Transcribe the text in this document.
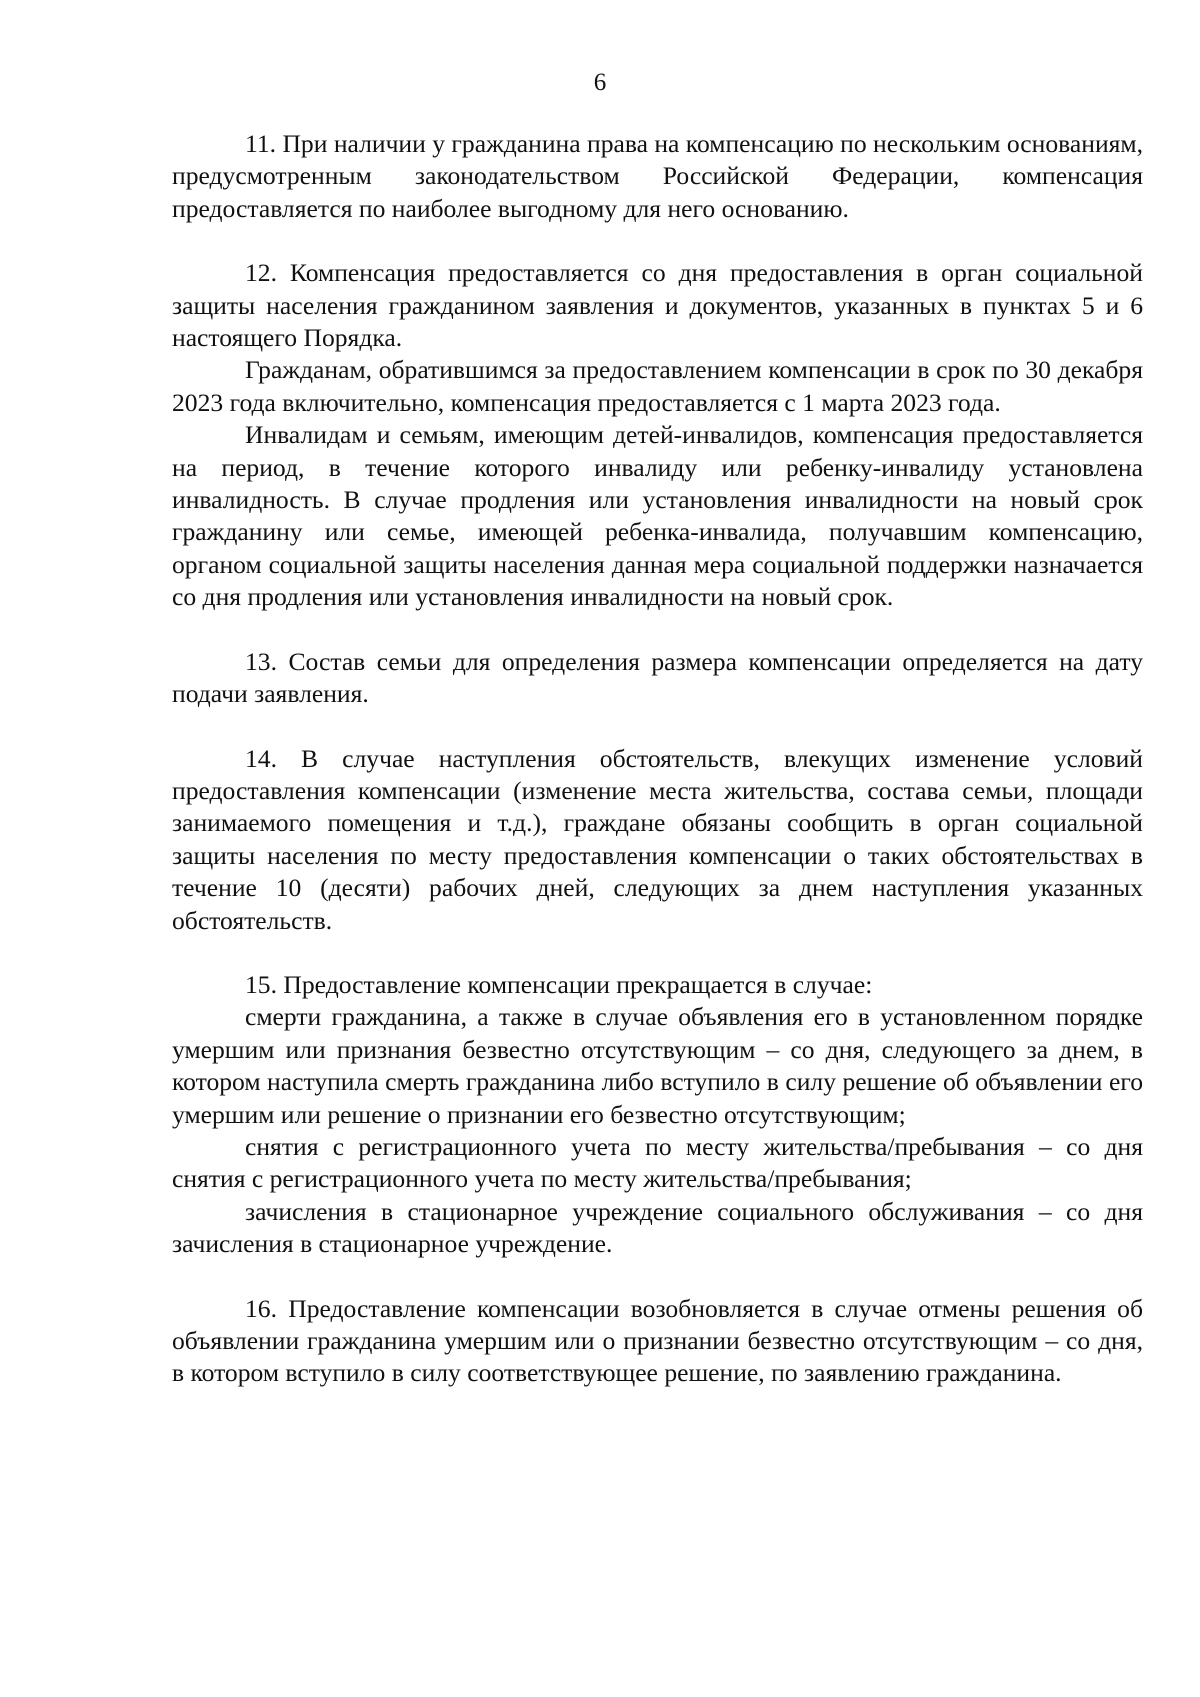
6

11. При наличии у гражданина права на компенсацию по нескольким основаниям, предусмотренным законодательством Российской Федерации, компенсация предоставляется по наиболее выгодному для него основанию.

12. Компенсация предоставляется со дня предоставления в орган социальной защиты населения гражданином заявления и документов, указанных в пунктах 5 и 6 настоящего Порядка.

Гражданам, обратившимся за предоставлением компенсации в срок по 30 декабря 2023 года включительно, компенсация предоставляется с 1 марта 2023 года.

Инвалидам и семьям, имеющим детей-инвалидов, компенсация предоставляется на период, в течение которого инвалиду или ребенку-инвалиду установлена инвалидность. В случае продления или установления инвалидности на новый срок гражданину или семье, имеющей ребенка-инвалида, получавшим компенсацию, органом социальной защиты населения данная мера социальной поддержки назначается со дня продления или установления инвалидности на новый срок.

13. Состав семьи для определения размера компенсации определяется на дату подачи заявления.

14. В случае наступления обстоятельств, влекущих изменение условий предоставления компенсации (изменение места жительства, состава семьи, площади занимаемого помещения и т.д.), граждане обязаны сообщить в орган социальной защиты населения по месту предоставления компенсации о таких обстоятельствах в течение 10 (десяти) рабочих дней, следующих за днем наступления указанных обстоятельств.

15. Предоставление компенсации прекращается в случае:

смерти гражданина, а также в случае объявления его в установленном порядке умершим или признания безвестно отсутствующим – со дня, следующего за днем, в котором наступила смерть гражданина либо вступило в силу решение об объявлении его умершим или решение о признании его безвестно отсутствующим;

снятия с регистрационного учета по месту жительства/пребывания – со дня снятия с регистрационного учета по месту жительства/пребывания;

зачисления в стационарное учреждение социального обслуживания – со дня зачисления в стационарное учреждение.

16. Предоставление компенсации возобновляется в случае отмены решения об объявлении гражданина умершим или о признании безвестно отсутствующим – со дня, в котором вступило в силу соответствующее решение, по заявлению гражданина.
